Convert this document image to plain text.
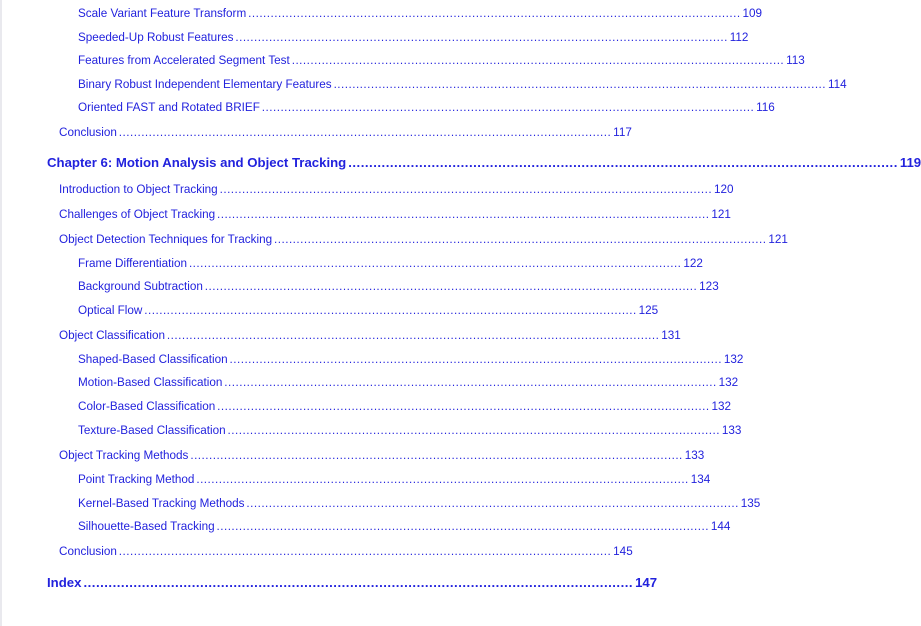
Scale Variant Feature Transform .................................................................................................................................... 109
Speeded-Up Robust Features .................................................................................................................................... 112
Features from Accelerated Segment Test .................................................................................................................................... 113
Binary Robust Independent Elementary Features .................................................................................................................................... 114
Oriented FAST and Rotated BRIEF .................................................................................................................................... 116
Conclusion .................................................................................................................................... 117
Chapter 6: Motion Analysis and Object Tracking .................................................................................................................................... 119
Introduction to Object Tracking .................................................................................................................................... 120
Challenges of Object Tracking .................................................................................................................................... 121
Object Detection Techniques for Tracking .................................................................................................................................... 121
Frame Differentiation .................................................................................................................................... 122
Background Subtraction .................................................................................................................................... 123
Optical Flow .................................................................................................................................... 125
Object Classification .................................................................................................................................... 131
Shaped-Based Classification .................................................................................................................................... 132
Motion-Based Classification .................................................................................................................................... 132
Color-Based Classification .................................................................................................................................... 132
Texture-Based Classification .................................................................................................................................... 133
Object Tracking Methods .................................................................................................................................... 133
Point Tracking Method .................................................................................................................................... 134
Kernel-Based Tracking Methods .................................................................................................................................... 135
Silhouette-Based Tracking .................................................................................................................................... 144
Conclusion .................................................................................................................................... 145
Index .................................................................................................................................... 147
